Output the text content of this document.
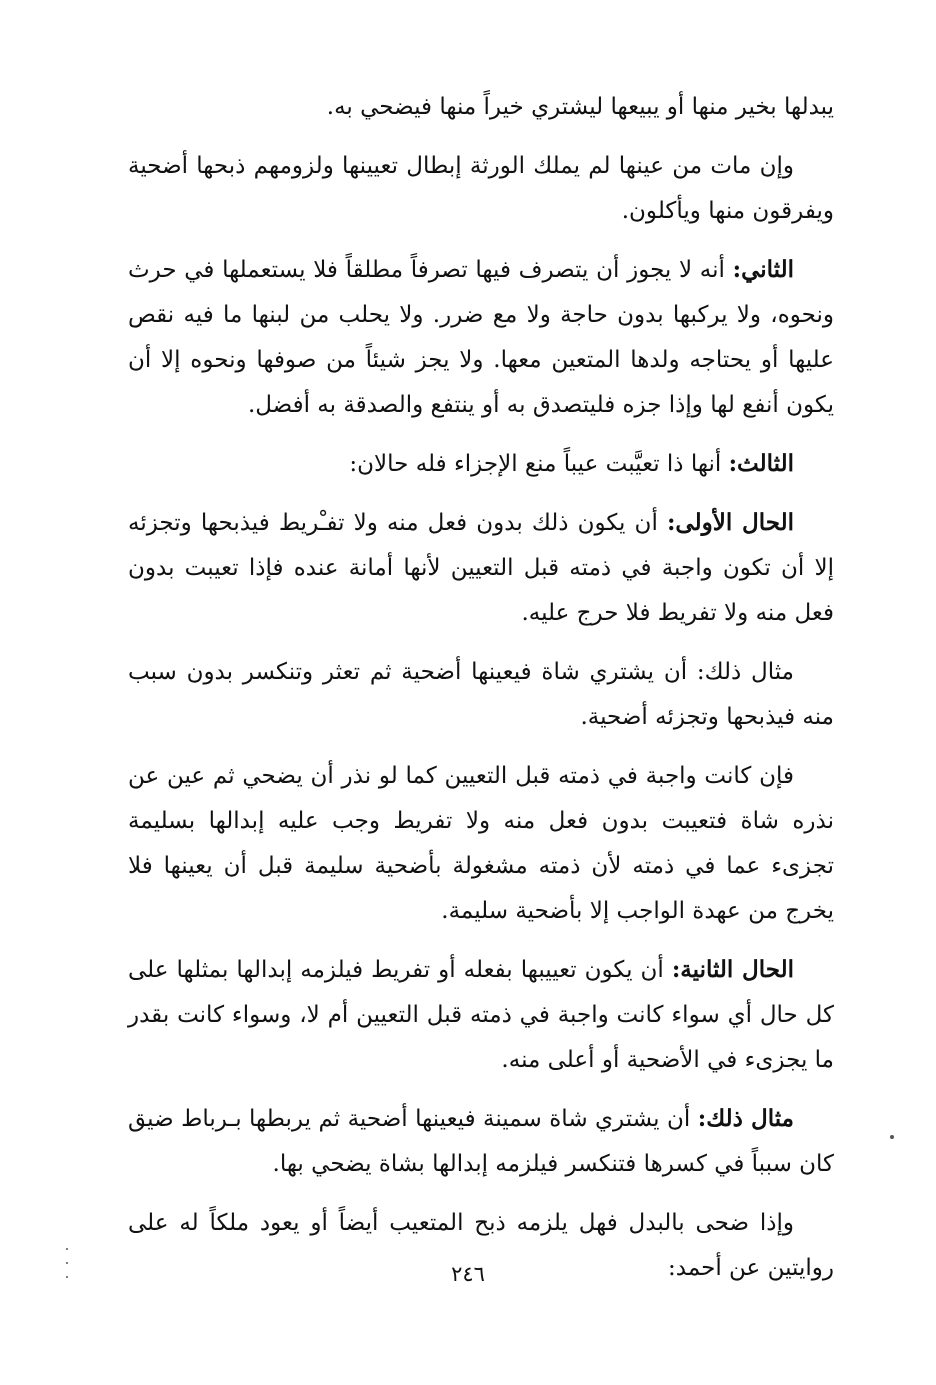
يبدلها بخير منها أو يبيعها ليشتري خيراً منها فيضحي به.

وإن مات من عينها لم يملك الورثة إبطال تعيينها ولزومهم ذبحها أضحية ويفرقون منها ويأكلون.

الثاني: أنه لا يجوز أن يتصرف فيها تصرفاً مطلقاً فلا يستعملها في حرث ونحوه، ولا يركبها بدون حاجة ولا مع ضرر. ولا يحلب من لبنها ما فيه نقص عليها أو يحتاجه ولدها المتعين معها. ولا يجز شيئاً من صوفها ونحوه إلا أن يكون أنفع لها وإذا جزه فليتصدق به أو ينتفع والصدقة به أفضل.

الثالث: أنها ذا تعيَّبت عيباً منع الإجزاء فله حالان:

الحال الأولى: أن يكون ذلك بدون فعل منه ولا تفـْريط فيذبحها وتجزئه إلا أن تكون واجبة في ذمته قبل التعيين لأنها أمانة عنده فإذا تعيبت بدون فعل منه ولا تفريط فلا حرج عليه.

مثال ذلك: أن يشتري شاة فيعينها أضحية ثم تعثر وتنكسر بدون سبب منه فيذبحها وتجزئه أضحية.

فإن كانت واجبة في ذمته قبل التعيين كما لو نذر أن يضحي ثم عين عن نذره شاة فتعيبت بدون فعل منه ولا تفريط وجب عليه إبدالها بسليمة تجزىء عما في ذمته لأن ذمته مشغولة بأضحية سليمة قبل أن يعينها فلا يخرج من عهدة الواجب إلا بأضحية سليمة.

الحال الثانية: أن يكون تعييبها بفعله أو تفريط فيلزمه إبدالها بمثلها على كل حال أي سواء كانت واجبة في ذمته قبل التعيين أم لا، وسواء كانت بقدر ما يجزىء في الأضحية أو أعلى منه.

مثال ذلك: أن يشتري شاة سمينة فيعينها أضحية ثم يربطها بـرباط ضيق كان سبباً في كسرها فتنكسر فيلزمه إبدالها بشاة يضحي بها.

وإذا ضحى بالبدل فهل يلزمه ذبح المتعيب أيضاً أو يعود ملكاً له على روايتين عن أحمد:

٢٤٦
